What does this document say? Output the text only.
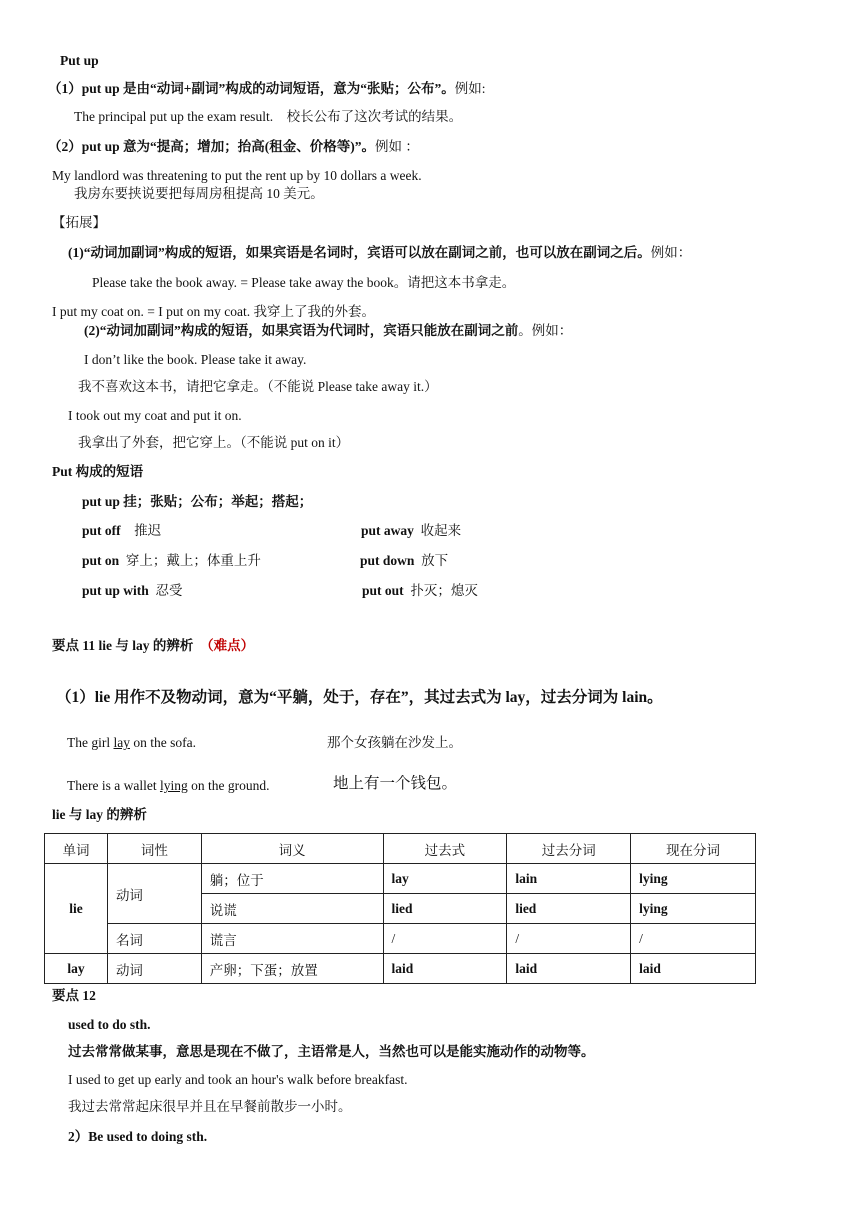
Put up
（1）put up 是由“动词+副词”构成的动词短语，意为“张贴；公布”。例如:
The principal put up the exam result. 校长公布了这次考试的结果。
（2）put up 意为“提高；增加；抬高(租金、价格等)”。例如 ：
My landlord was threatening to put the rent up by 10 dollars a week.
我房东要挟说要把每周房租提高 10 美元。
【拓展】
(1)“动词加副词”构成的短语，如果宾语是名词时，宾语可以放在副词之前，也可以放在副词之后。例如：
Please take the book away. = Please take away the book。请把这本书拿走。
I put my coat on. = I put on my coat. 我穿上了我的外套。
(2)“动词加副词”构成的短语，如果宾语为代词时，宾语只能放在副词之前。例如：
I don’t like the book. Please take it away.
我不喜欢这本书，请把它拿走。（不能说 Please take away it.）
I took out my coat and put it on.
我拿出了外套，把它穿上。（不能说 put on it）
Put 构成的短语
put up 挂；张贴；公布；举起；搭起；
put off 推迟	put away 收起来
put on 穿上；戴上；体重上升	put down 放下
put up with 忍受	put out 扑灭；熄灭
要点 11 lie 与 lay 的辨析 （难点）
（1）lie 用作不及物动词，意为“平躺，处于，存在”，其过去式为 lay，过去分词为 lain。
The girl lay on the sofa.	那个女孩躺在沙发上。
There is a wallet lying on the ground.	地上有一个钱包。
lie 与 lay 的辨析
单词	词性	词义	过去式	过去分词	现在分词
lie	动词	躺；位于	lay	lain	lying
		说谎	lied	lied	lying
	名词	谎言	/	/	/
lay	动词	产卵；下蛋；放置	laid	laid	laid
要点 12
used to do sth.
过去常常做某事，意思是现在不做了，主语常是人，当然也可以是能实施动作的动物等。
I used to get up early and took an hour's walk before breakfast.
我过去常常起床很早并且在早餐前散步一小时。
2）Be used to doing sth.
